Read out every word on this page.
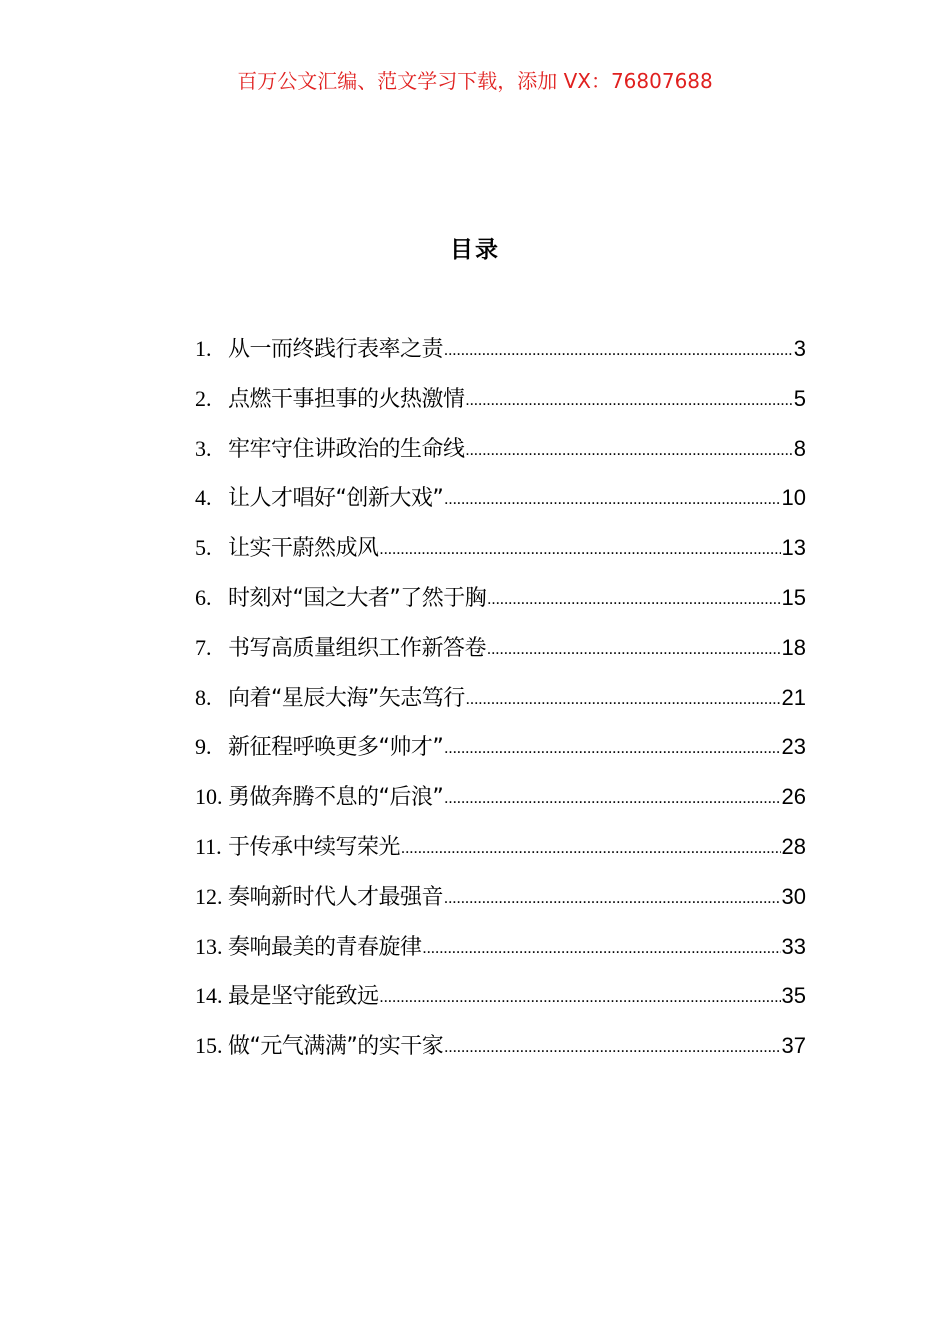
百万公文汇编、范文学习下载，添加 VX：76807688
目录
1. 从一而终践行表率之责 .....	3
2. 点燃干事担事的火热激情 .....	5
3. 牢牢守住讲政治的生命线 .....	8
4. 让人才唱好“创新大戏” .....	10
5. 让实干蔚然成风 .....	13
6. 时刻对“国之大者”了然于胸 .....	15
7. 书写高质量组织工作新答卷 .....	18
8. 向着“星辰大海”矢志笃行 .....	21
9. 新征程呼唤更多“帅才” .....	23
10. 勇做奔腾不息的“后浪” .....	26
11. 于传承中续写荣光 .....	28
12. 奏响新时代人才最强音 .....	30
13. 奏响最美的青春旋律 .....	33
14. 最是坚守能致远 .....	35
15. 做“元气满满”的实干家 .....	37
